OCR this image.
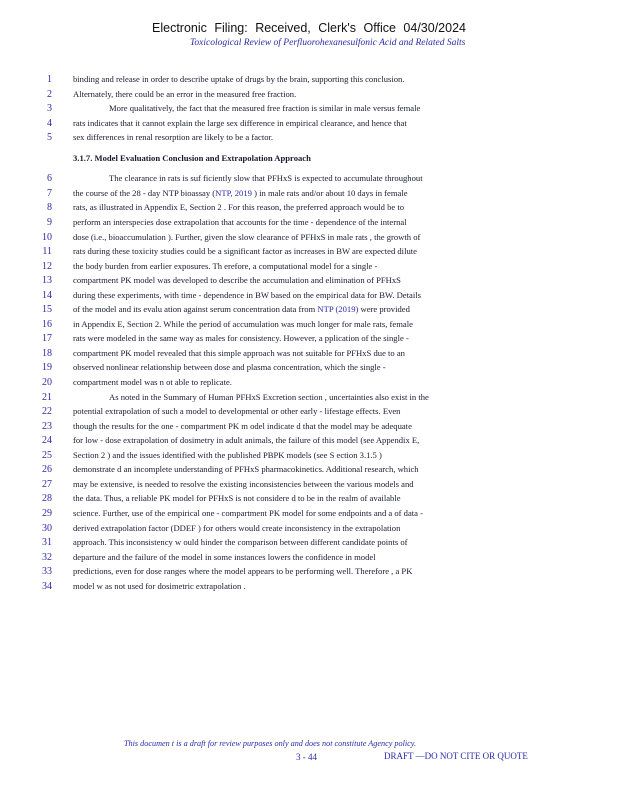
Electronic Filing: Received, Clerk's Office 04/30/2024
Toxicological Review of Perfluorohexanesulfonic Acid and Related Salts
1 binding and release in order to describe uptake of drugs by the brain, supporting this conclusion.
2 Alternately, there could be an error in the measured free fraction.
3	More qualitatively, the fact that the measured free fraction is similar in male versus female
4 rats indicates that it cannot explain the large sex difference in empirical clearance, and hence that
5 sex differences in renal resorption are likely to be a factor.
3.1.7. Model Evaluation Conclusion and Extrapolation Approach
6	The clearance in rats is suf ficiently slow that PFHxS is expected to accumulate throughout
7 the course of the 28 - day NTP bioassay (NTP, 2019 ) in male rats and/or about 10 days in female
8 rats, as illustrated in Appendix E, Section 2 . For this reason, the preferred approach would be to
9 perform an interspecies dose extrapolation that accounts for the time - dependence of the internal
10 dose (i.e., bioaccumulation ). Further, given the slow clearance of PFHxS in male rats , the growth of
11 rats during these toxicity studies could be a significant factor as increases in BW are expected dilute
12 the body burden from earlier exposures. Th erefore, a computational model for a single -
13 compartment PK model was developed to describe the accumulation and elimination of PFHxS
14 during these experiments, with time - dependence in BW based on the empirical data for BW. Details
15 of the model and its evalu ation against serum concentration data from NTP (2019) were provided
16 in Appendix E, Section 2. While the period of accumulation was much longer for male rats, female
17 rats were modeled in the same way as males for consistency. However, a pplication of the single -
18 compartment PK model revealed that this simple approach was not suitable for PFHxS due to an
19 observed nonlinear relationship between dose and plasma concentration, which the single -
20 compartment model was n ot able to replicate.
21	As noted in the Summary of Human PFHxS Excretion section , uncertainties also exist in the
22 potential extrapolation of such a model to developmental or other early - lifestage effects. Even
23 though the results for the one - compartment PK m odel indicate d that the model may be adequate
24 for low - dose extrapolation of dosimetry in adult animals, the failure of this model (see Appendix E,
25 Section 2 ) and the issues identified with the published PBPK models (see S ection 3.1.5 )
26 demonstrate d an incomplete understanding of PFHxS pharmacokinetics. Additional research, which
27 may be extensive, is needed to resolve the existing inconsistencies between the various models and
28 the data. Thus, a reliable PK model for PFHxS is not considere d to be in the realm of available
29 science. Further, use of the empirical one - compartment PK model for some endpoints and a of data -
30 derived extrapolation factor (DDEF ) for others would create inconsistency in the extrapolation
31 approach. This inconsistency w ould hinder the comparison between different candidate points of
32 departure and the failure of the model in some instances lowers the confidence in model
33 predictions, even for dose ranges where the model appears to be performing well. Therefore , a PK
34 model w as not used for dosimetric extrapolation .
This documen t is a draft for review purposes only and does not constitute Agency policy.
3 - 44	DRAFT —DO NOT CITE OR QUOTE
